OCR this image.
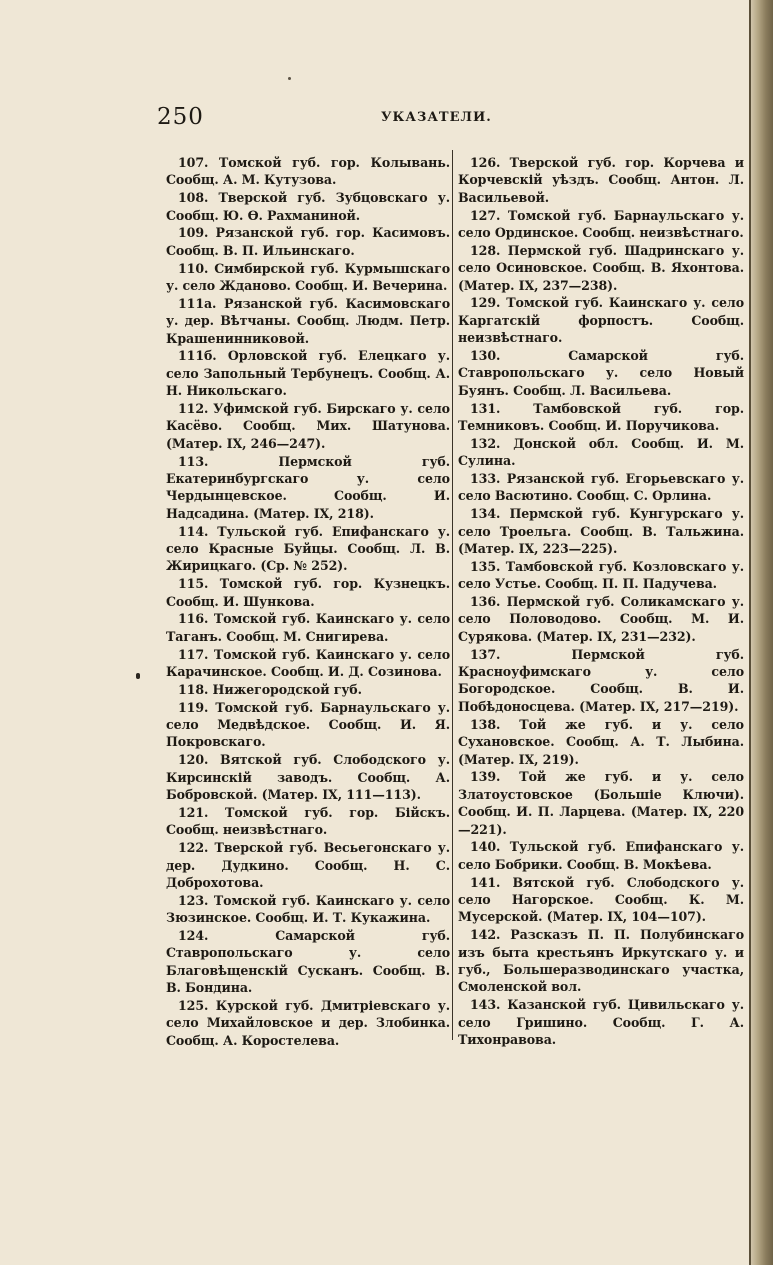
250	УКАЗАТЕЛИ.

107. Томской губ. гор. Колывань. Сообщ. А. М. Кутузова.

108. Тверской губ. Зубцовскаго у. Сообщ. Ю. Ѳ. Рахманиной.

109. Рязанской губ. гор. Касимовъ. Сообщ. В. П. Ильинскаго.

110. Симбирской губ. Курмышскаго у. село Жданово. Сообщ. И. Вечерина.

111а. Рязанской губ. Касимовскаго у. дер. Вѣтчаны. Сообщ. Людм. Петр. Крашенинниковой.

111б. Орловской губ. Елецкаго у. село Запольный Тербунецъ. Сообщ. А. Н. Никольскаго.

112. Уфимской губ. Бирскаго у. село Касёво. Сообщ. Мих. Шатунова. (Матер. IX, 246—247).

113. Пермской губ. Екатеринбургскаго у. село Чердынцевское. Сообщ. И. Надсадина. (Матер. IX, 218).

114. Тульской губ. Епифанскаго у. село Красные Буйцы. Сообщ. Л. В. Жирицкаго. (Ср. № 252).

115. Томской губ. гор. Кузнецкъ. Сообщ. И. Шункова.

116. Томской губ. Каинскаго у. село Таганъ. Сообщ. М. Снигирева.

117. Томской губ. Каинскаго у. село Карачинское. Сообщ. И. Д. Созинова.

118. Нижегородской губ.

119. Томской губ. Барнаульскаго у. село Медвѣдское. Сообщ. И. Я. Покровскаго.

120. Вятской губ. Слободского у. Кирсинскій заводъ. Сообщ. А. Бобровской. (Матер. IX, 111—113).

121. Томской губ. гор. Бійскъ. Сообщ. неизвѣстнаго.

122. Тверской губ. Весьегонскаго у. дер. Дудкино. Сообщ. Н. С. Доброхотова.

123. Томской губ. Каинскаго у. село Зюзинское. Сообщ. И. Т. Кукажина.

124. Самарской губ. Ставропольскаго у. село Благовѣщенскій Сусканъ. Сообщ. В. В. Бондина.

125. Курской губ. Дмитріевскаго у. село Михайловское и дер. Злобинка. Сообщ. А. Коростелева.

126. Тверской губ. гор. Корчева и Корчевскій уѣздъ. Сообщ. Антон. Л. Васильевой.

127. Томской губ. Барнаульскаго у. село Ординское. Сообщ. неизвѣстнаго.

128. Пермской губ. Шадринскаго у. село Осиновское. Сообщ. В. Яхонтова. (Матер. IX, 237—238).

129. Томской губ. Каинскаго у. село Каргатскій форпостъ. Сообщ. неизвѣстнаго.

130. Самарской губ. Ставропольскаго у. село Новый Буянъ. Сообщ. Л. Васильева.

131. Тамбовской губ. гор. Темниковъ. Сообщ. И. Поручикова.

132. Донской обл. Сообщ. И. М. Сулина.

133. Рязанской губ. Егорьевскаго у. село Васютино. Сообщ. С. Орлина.

134. Пермской губ. Кунгурскаго у. село Троельга. Сообщ. В. Тальжина. (Матер. IX, 223—225).

135. Тамбовской губ. Козловскаго у. село Устье. Сообщ. П. П. Падучева.

136. Пермской губ. Соликамскаго у. село Половодово. Сообщ. М. И. Сурякова. (Матер. IX, 231—232).

137. Пермской губ. Красноуфимскаго у. село Богородское. Сообщ. В. И. Побѣдоносцева. (Матер. IX, 217—219).

138. Той же губ. и у. село Сухановское. Сообщ. А. Т. Лыбина. (Матер. IX, 219).

139. Той же губ. и у. село Златоустовское (Большіе Ключи). Сообщ. И. П. Ларцева. (Матер. IX, 220—221).

140. Тульской губ. Епифанскаго у. село Бобрики. Сообщ. В. Мокѣева.

141. Вятской губ. Слободского у. село Нагорское. Сообщ. К. М. Мусерской. (Матер. IX, 104—107).

142. Разсказъ П. П. Полубинскаго изъ быта крестьянъ Иркутскаго у. и губ., Большеразводинскаго участка, Смоленской вол.

143. Казанской губ. Цивильскаго у. село Гришино. Сообщ. Г. А. Тихонравова.
